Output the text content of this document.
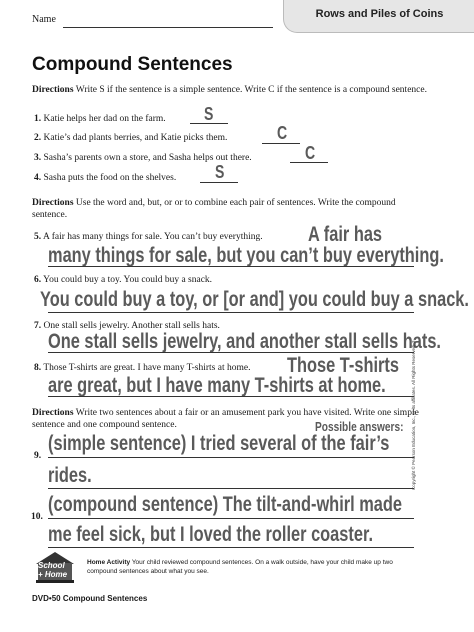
Name	Rows and Piles of Coins
Compound Sentences
Directions Write S if the sentence is a simple sentence. Write C if the sentence is a compound sentence.
1. Katie helps her dad on the farm. S
2. Katie’s dad plants berries, and Katie picks them.	C
3. Sasha’s parents own a store, and Sasha helps out there.	C
4. Sasha puts the food on the shelves. S
Directions Use the word and, but, or or to combine each pair of sentences. Write the compound sentence.
5. A fair has many things for sale. You can’t buy everything. A fair has
many things for sale, but you can’t buy everything.
6. You could buy a toy. You could buy a snack.
You could buy a toy, or [or and] you could buy a snack.
7. One stall sells jewelry. Another stall sells hats.
One stall sells jewelry, and another stall sells hats.
8. Those T-shirts are great. I have many T-shirts at home. Those T-shirts
are great, but I have many T-shirts at home.
Directions Write two sentences about a fair or an amusement park you have visited. Write one simple sentence and one compound sentence.	Possible answers:
9.
(simple sentence) I tried several of the fair’s
rides.
10.
(compound sentence) The tilt-and-whirl made
me feel sick, but I loved the roller coaster.
Copyright © Pearson Education, Inc., or its affiliates. All Rights Reserved. 3
School
+ Home
Home Activity Your child reviewed compound sentences. On a walk outside, have your child make up two compound sentences about what you see.
DVD•50 Compound Sentences
